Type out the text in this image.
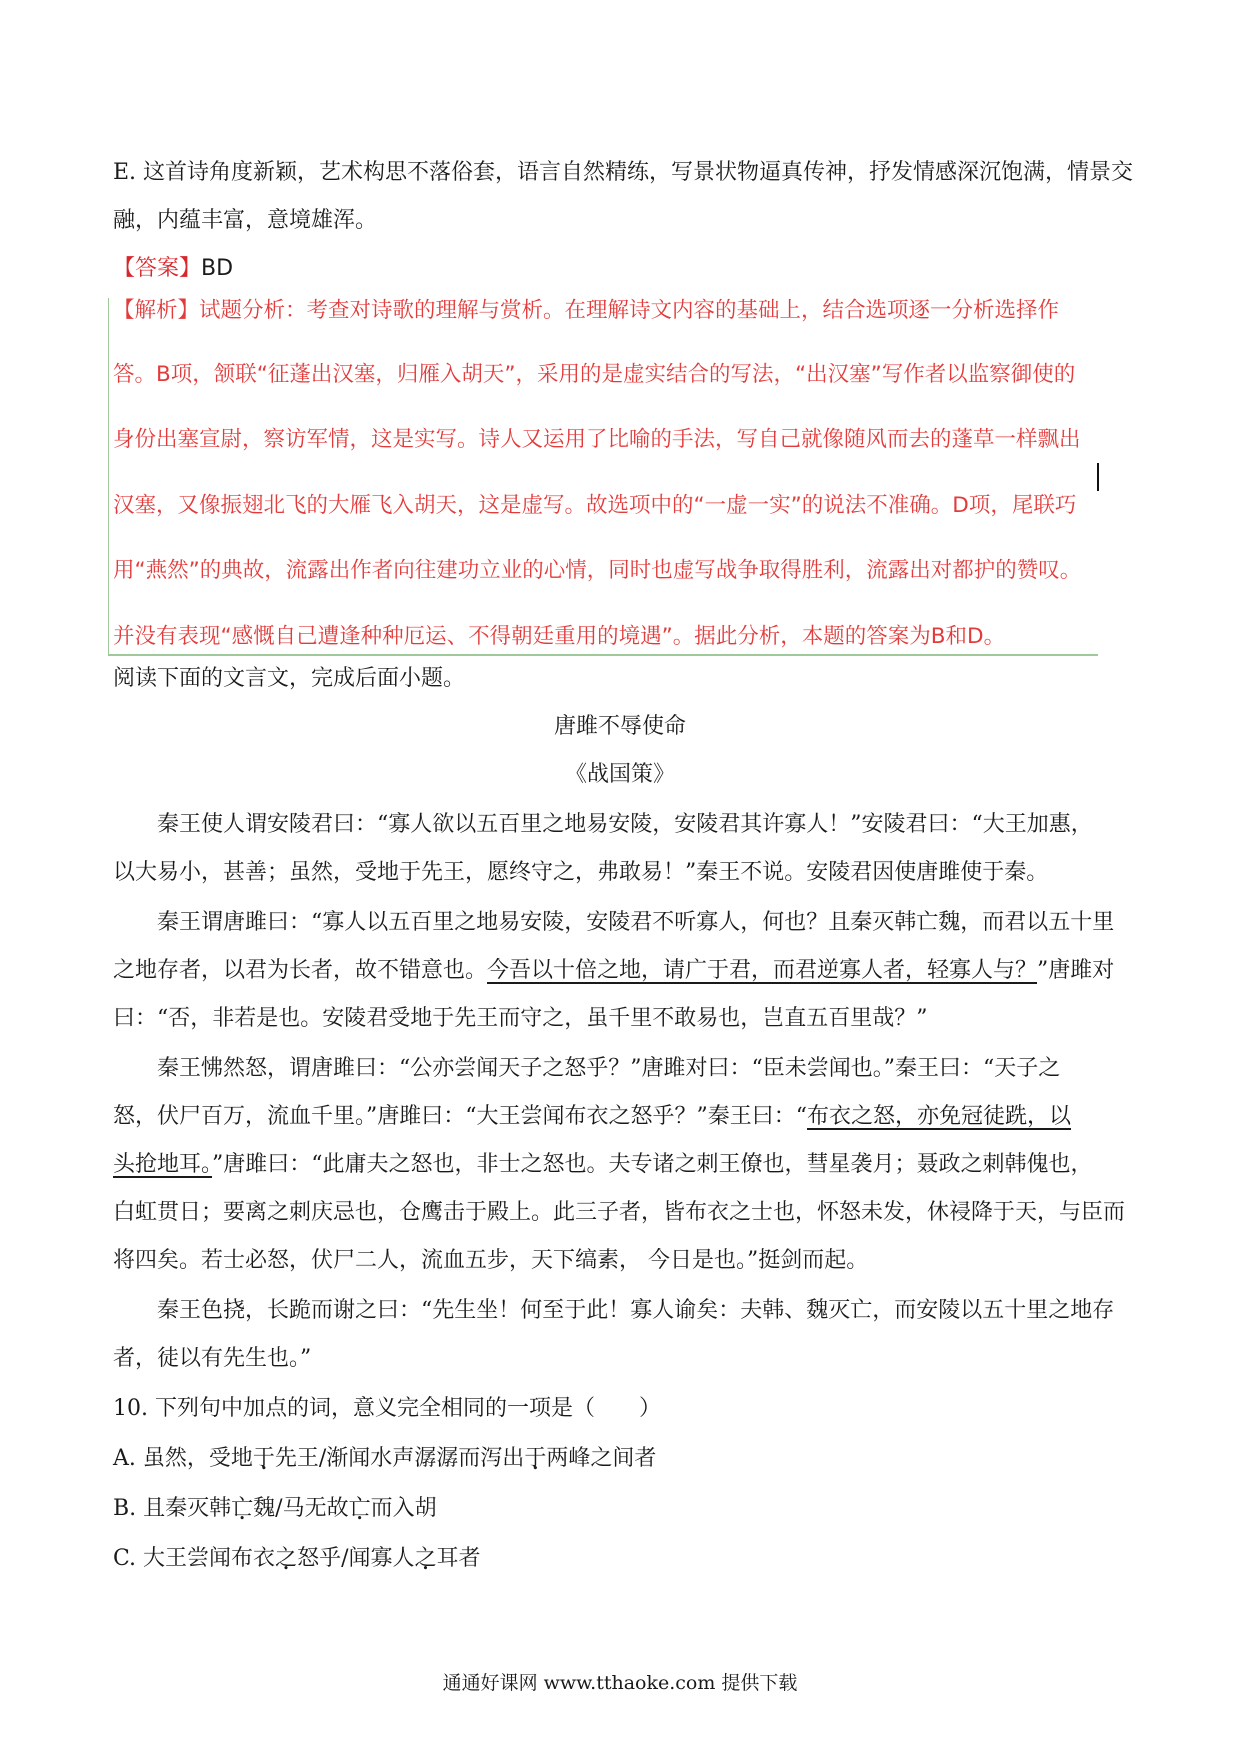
E. 这首诗角度新颖，艺术构思不落俗套，语言自然精练，写景状物逼真传神，抒发情感深沉饱满，情景交
融，内蕴丰富，意境雄浑。
【答案】BD
【解析】试题分析：考查对诗歌的理解与赏析。在理解诗文内容的基础上，结合选项逐一分析选择作
答。B项，颔联“征蓬出汉塞，归雁入胡天”，采用的是虚实结合的写法，“出汉塞”写作者以监察御使的
身份出塞宣尉，察访军情，这是实写。诗人又运用了比喻的手法，写自己就像随风而去的蓬草一样飘出
汉塞，又像振翅北飞的大雁飞入胡天，这是虚写。故选项中的“一虚一实”的说法不准确。D项，尾联巧
用“燕然”的典故，流露出作者向往建功立业的心情，同时也虚写战争取得胜利，流露出对都护的赞叹。
并没有表现“感慨自己遭逢种种厄运、不得朝廷重用的境遇”。据此分析，本题的答案为B和D。
阅读下面的文言文，完成后面小题。
唐雎不辱使命
《战国策》
秦王使人谓安陵君曰：“寡人欲以五百里之地易安陵，安陵君其许寡人！”安陵君曰：“大王加惠，
以大易小，甚善；虽然，受地于先王，愿终守之，弗敢易！”秦王不说。安陵君因使唐雎使于秦。
秦王谓唐雎曰：“寡人以五百里之地易安陵，安陵君不听寡人，何也？且秦灭韩亡魏，而君以五十里
之地存者，以君为长者，故不错意也。今吾以十倍之地，请广于君，而君逆寡人者，轻寡人与？”唐雎对
曰：“否，非若是也。安陵君受地于先王而守之，虽千里不敢易也，岂直五百里哉？”
秦王怫然怒，谓唐雎曰：“公亦尝闻天子之怒乎？”唐雎对曰：“臣未尝闻也。”秦王曰：“天子之
怒，伏尸百万，流血千里。”唐雎曰：“大王尝闻布衣之怒乎？”秦王曰：“布衣之怒，亦免冠徒跣，以
头抢地耳。”唐雎曰：“此庸夫之怒也，非士之怒也。夫专诸之刺王僚也，彗星袭月；聂政之刺韩傀也，
白虹贯日；要离之刺庆忌也，仓鹰击于殿上。此三子者，皆布衣之士也，怀怒未发，休祲降于天，与臣而
将四矣。若士必怒，伏尸二人，流血五步，天下缟素， 今日是也。”挺剑而起。
秦王色挠，长跪而谢之曰：“先生坐！何至于此！寡人谕矣：夫韩、魏灭亡，而安陵以五十里之地存
者，徒以有先生也。”
10. 下列句中加点的词，意义完全相同的一项是（　　）
A. 虽然，受地于先王/渐闻水声潺潺而泻出于两峰之间者
B. 且秦灭韩亡魏/马无故亡而入胡
C. 大王尝闻布衣之怒乎/闻寡人之耳者
通通好课网 www.tthaoke.com 提供下载
